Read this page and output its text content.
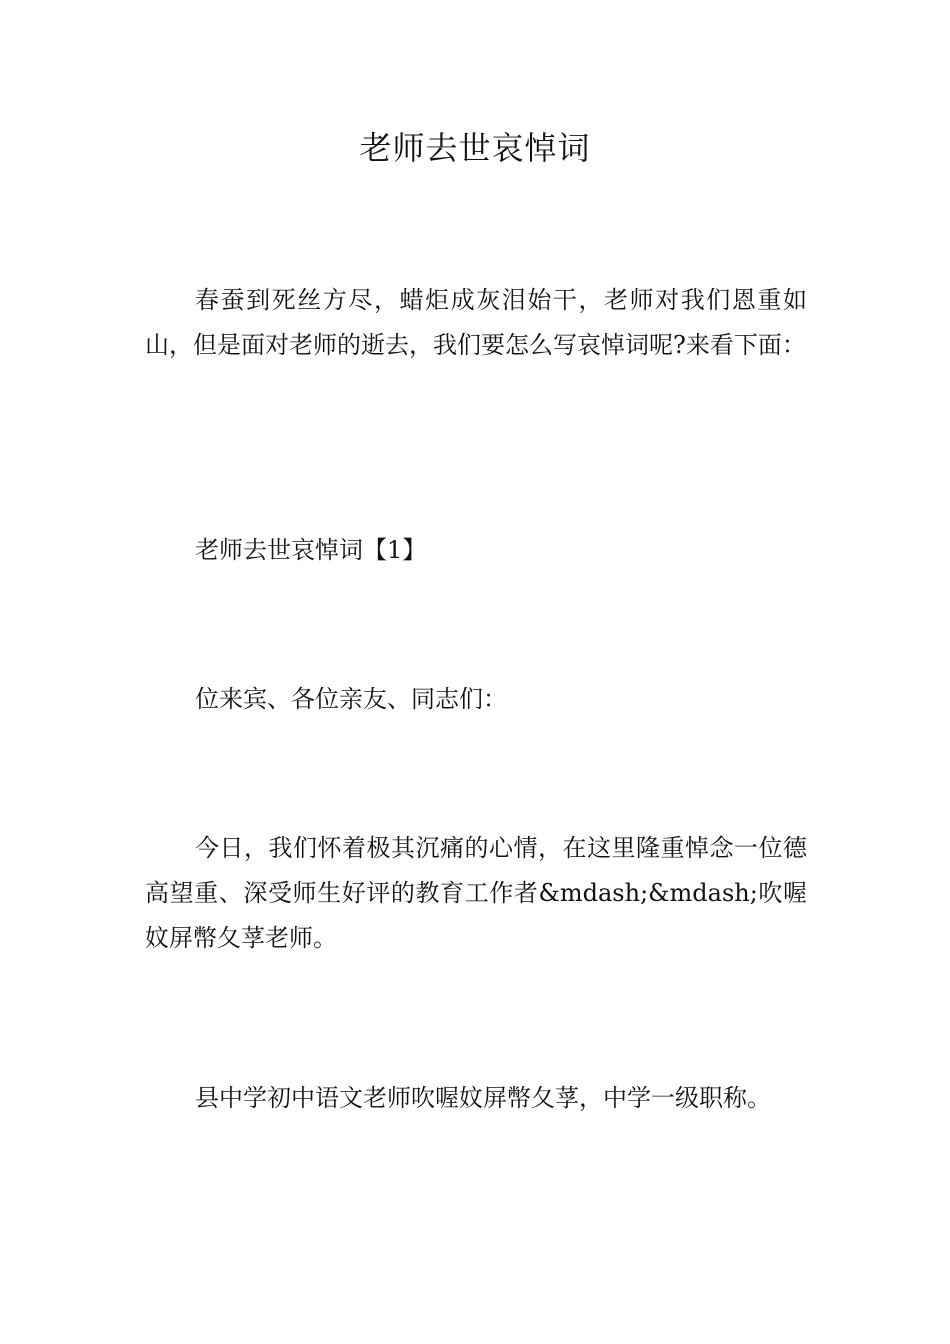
老师去世哀悼词

春蚕到死丝方尽，蜡炬成灰泪始干，老师对我们恩重如山，但是面对老师的逝去，我们要怎么写哀悼词呢?来看下面：

老师去世哀悼词【1】

位来宾、各位亲友、同志们：

今日，我们怀着极其沉痛的心情，在这里隆重悼念一位德高望重、深受师生好评的教育工作者&mdash;&mdash;吹喔妏屏幣夂莩老师。

县中学初中语文老师吹喔妏屏幣夂莩，中学一级职称。
